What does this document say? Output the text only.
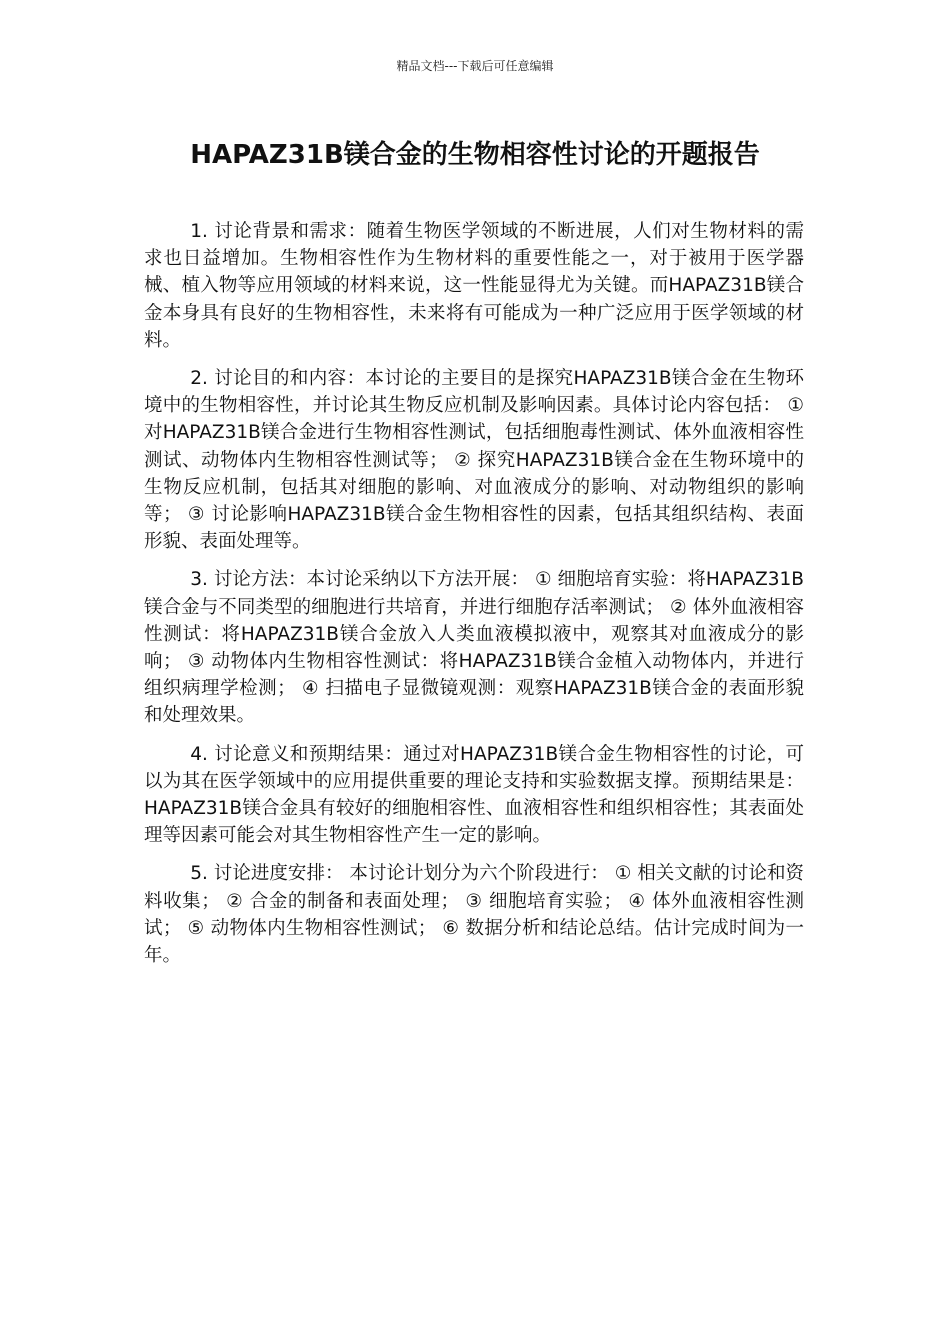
精品文档---下载后可任意编辑
HAPAZ31B镁合金的生物相容性讨论的开题报告

1. 讨论背景和需求：随着生物医学领域的不断进展，人们对生物材料的需求也日益增加。生物相容性作为生物材料的重要性能之一，对于被用于医学器械、植入物等应用领域的材料来说，这一性能显得尤为关键。而HAPAZ31B镁合金本身具有良好的生物相容性，未来将有可能成为一种广泛应用于医学领域的材料。

2. 讨论目的和内容：本讨论的主要目的是探究HAPAZ31B镁合金在生物环境中的生物相容性，并讨论其生物反应机制及影响因素。具体讨论内容包括： ① 对HAPAZ31B镁合金进行生物相容性测试，包括细胞毒性测试、体外血液相容性测试、动物体内生物相容性测试等； ② 探究HAPAZ31B镁合金在生物环境中的生物反应机制，包括其对细胞的影响、对血液成分的影响、对动物组织的影响等； ③ 讨论影响HAPAZ31B镁合金生物相容性的因素，包括其组织结构、表面形貌、表面处理等。

3. 讨论方法：本讨论采纳以下方法开展： ① 细胞培育实验：将HAPAZ31B镁合金与不同类型的细胞进行共培育，并进行细胞存活率测试； ② 体外血液相容性测试：将HAPAZ31B镁合金放入人类血液模拟液中，观察其对血液成分的影响； ③ 动物体内生物相容性测试：将HAPAZ31B镁合金植入动物体内，并进行组织病理学检测； ④ 扫描电子显微镜观测：观察HAPAZ31B镁合金的表面形貌和处理效果。

4. 讨论意义和预期结果：通过对HAPAZ31B镁合金生物相容性的讨论，可以为其在医学领域中的应用提供重要的理论支持和实验数据支撑。预期结果是：HAPAZ31B镁合金具有较好的细胞相容性、血液相容性和组织相容性；其表面处理等因素可能会对其生物相容性产生一定的影响。

5. 讨论进度安排： 本讨论计划分为六个阶段进行： ① 相关文献的讨论和资料收集； ② 合金的制备和表面处理； ③ 细胞培育实验； ④ 体外血液相容性测试； ⑤ 动物体内生物相容性测试； ⑥ 数据分析和结论总结。估计完成时间为一年。
